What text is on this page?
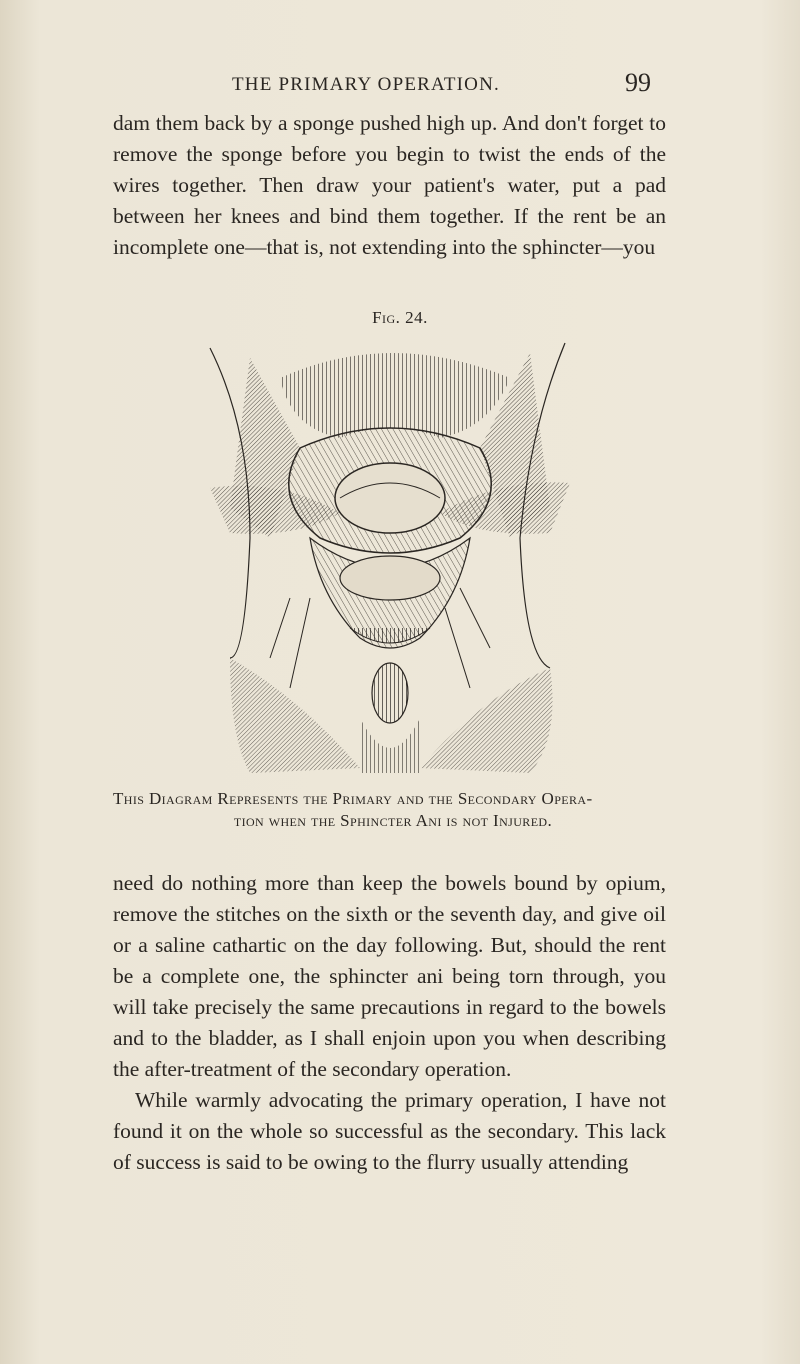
THE PRIMARY OPERATION.	99
dam them back by a sponge pushed high up. And don't forget to remove the sponge before you begin to twist the ends of the wires together. Then draw your patient's water, put a pad between her knees and bind them together. If the rent be an incomplete one—that is, not extending into the sphincter—you
Fig. 24.
This Diagram Represents the Primary and the Secondary Opera-
tion when the Sphincter Ani is not Injured.
need do nothing more than keep the bowels bound by opium, remove the stitches on the sixth or the seventh day, and give oil or a saline cathartic on the day following. But, should the rent be a complete one, the sphincter ani being torn through, you will take precisely the same precautions in regard to the bowels and to the bladder, as I shall enjoin upon you when describing the after-treatment of the secondary operation.
While warmly advocating the primary operation, I have not found it on the whole so successful as the secondary. This lack of success is said to be owing to the flurry usually attending
